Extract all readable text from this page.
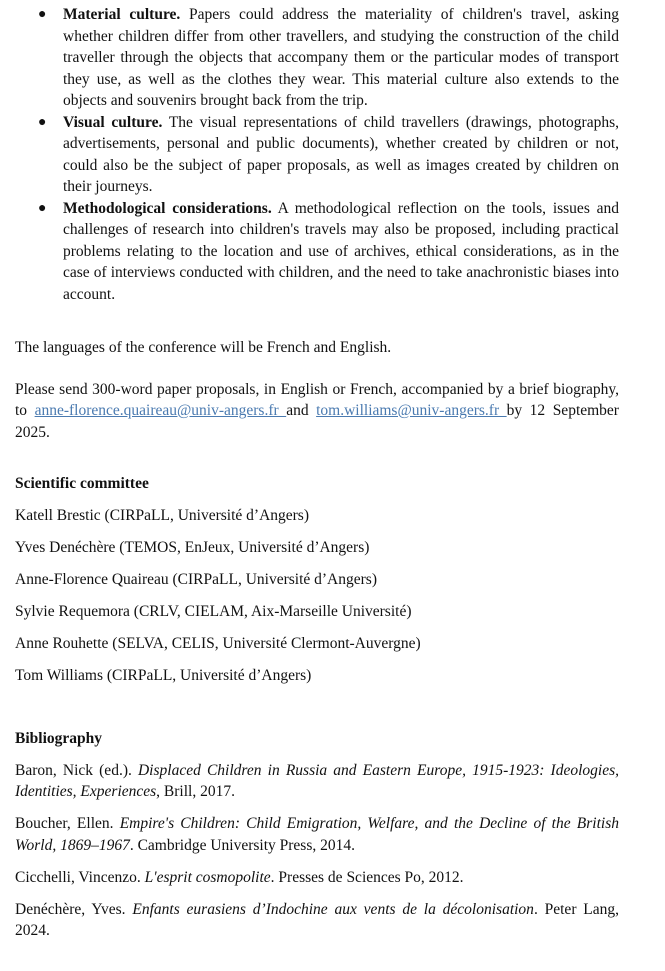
● Material culture. Papers could address the materiality of children's travel, asking whether children differ from other travellers, and studying the construction of the child traveller through the objects that accompany them or the particular modes of transport they use, as well as the clothes they wear. This material culture also extends to the objects and souvenirs brought back from the trip.
● Visual culture. The visual representations of child travellers (drawings, photographs, advertisements, personal and public documents), whether created by children or not, could also be the subject of paper proposals, as well as images created by children on their journeys.
● Methodological considerations. A methodological reflection on the tools, issues and challenges of research into children's travels may also be proposed, including practical problems relating to the location and use of archives, ethical considerations, as in the case of interviews conducted with children, and the need to take anachronistic biases into account.

The languages of the conference will be French and English.

Please send 300-word paper proposals, in English or French, accompanied by a brief biography, to anne-florence.quaireau@univ-angers.fr and tom.williams@univ-angers.fr by 12 September 2025.

Scientific committee
Katell Brestic (CIRPaLL, Université d’Angers)
Yves Denéchère (TEMOS, EnJeux, Université d’Angers)
Anne-Florence Quaireau (CIRPaLL, Université d’Angers)
Sylvie Requemora (CRLV, CIELAM, Aix-Marseille Université)
Anne Rouhette (SELVA, CELIS, Université Clermont-Auvergne)
Tom Williams (CIRPaLL, Université d’Angers)
Bibliography
Baron, Nick (ed.). Displaced Children in Russia and Eastern Europe, 1915-1923: Ideologies, Identities, Experiences, Brill, 2017.
Boucher, Ellen. Empire's Children: Child Emigration, Welfare, and the Decline of the British World, 1869–1967. Cambridge University Press, 2014.
Cicchelli, Vincenzo. L'esprit cosmopolite. Presses de Sciences Po, 2012.
Denéchère, Yves. Enfants eurasiens d’Indochine aux vents de la décolonisation. Peter Lang, 2024.
